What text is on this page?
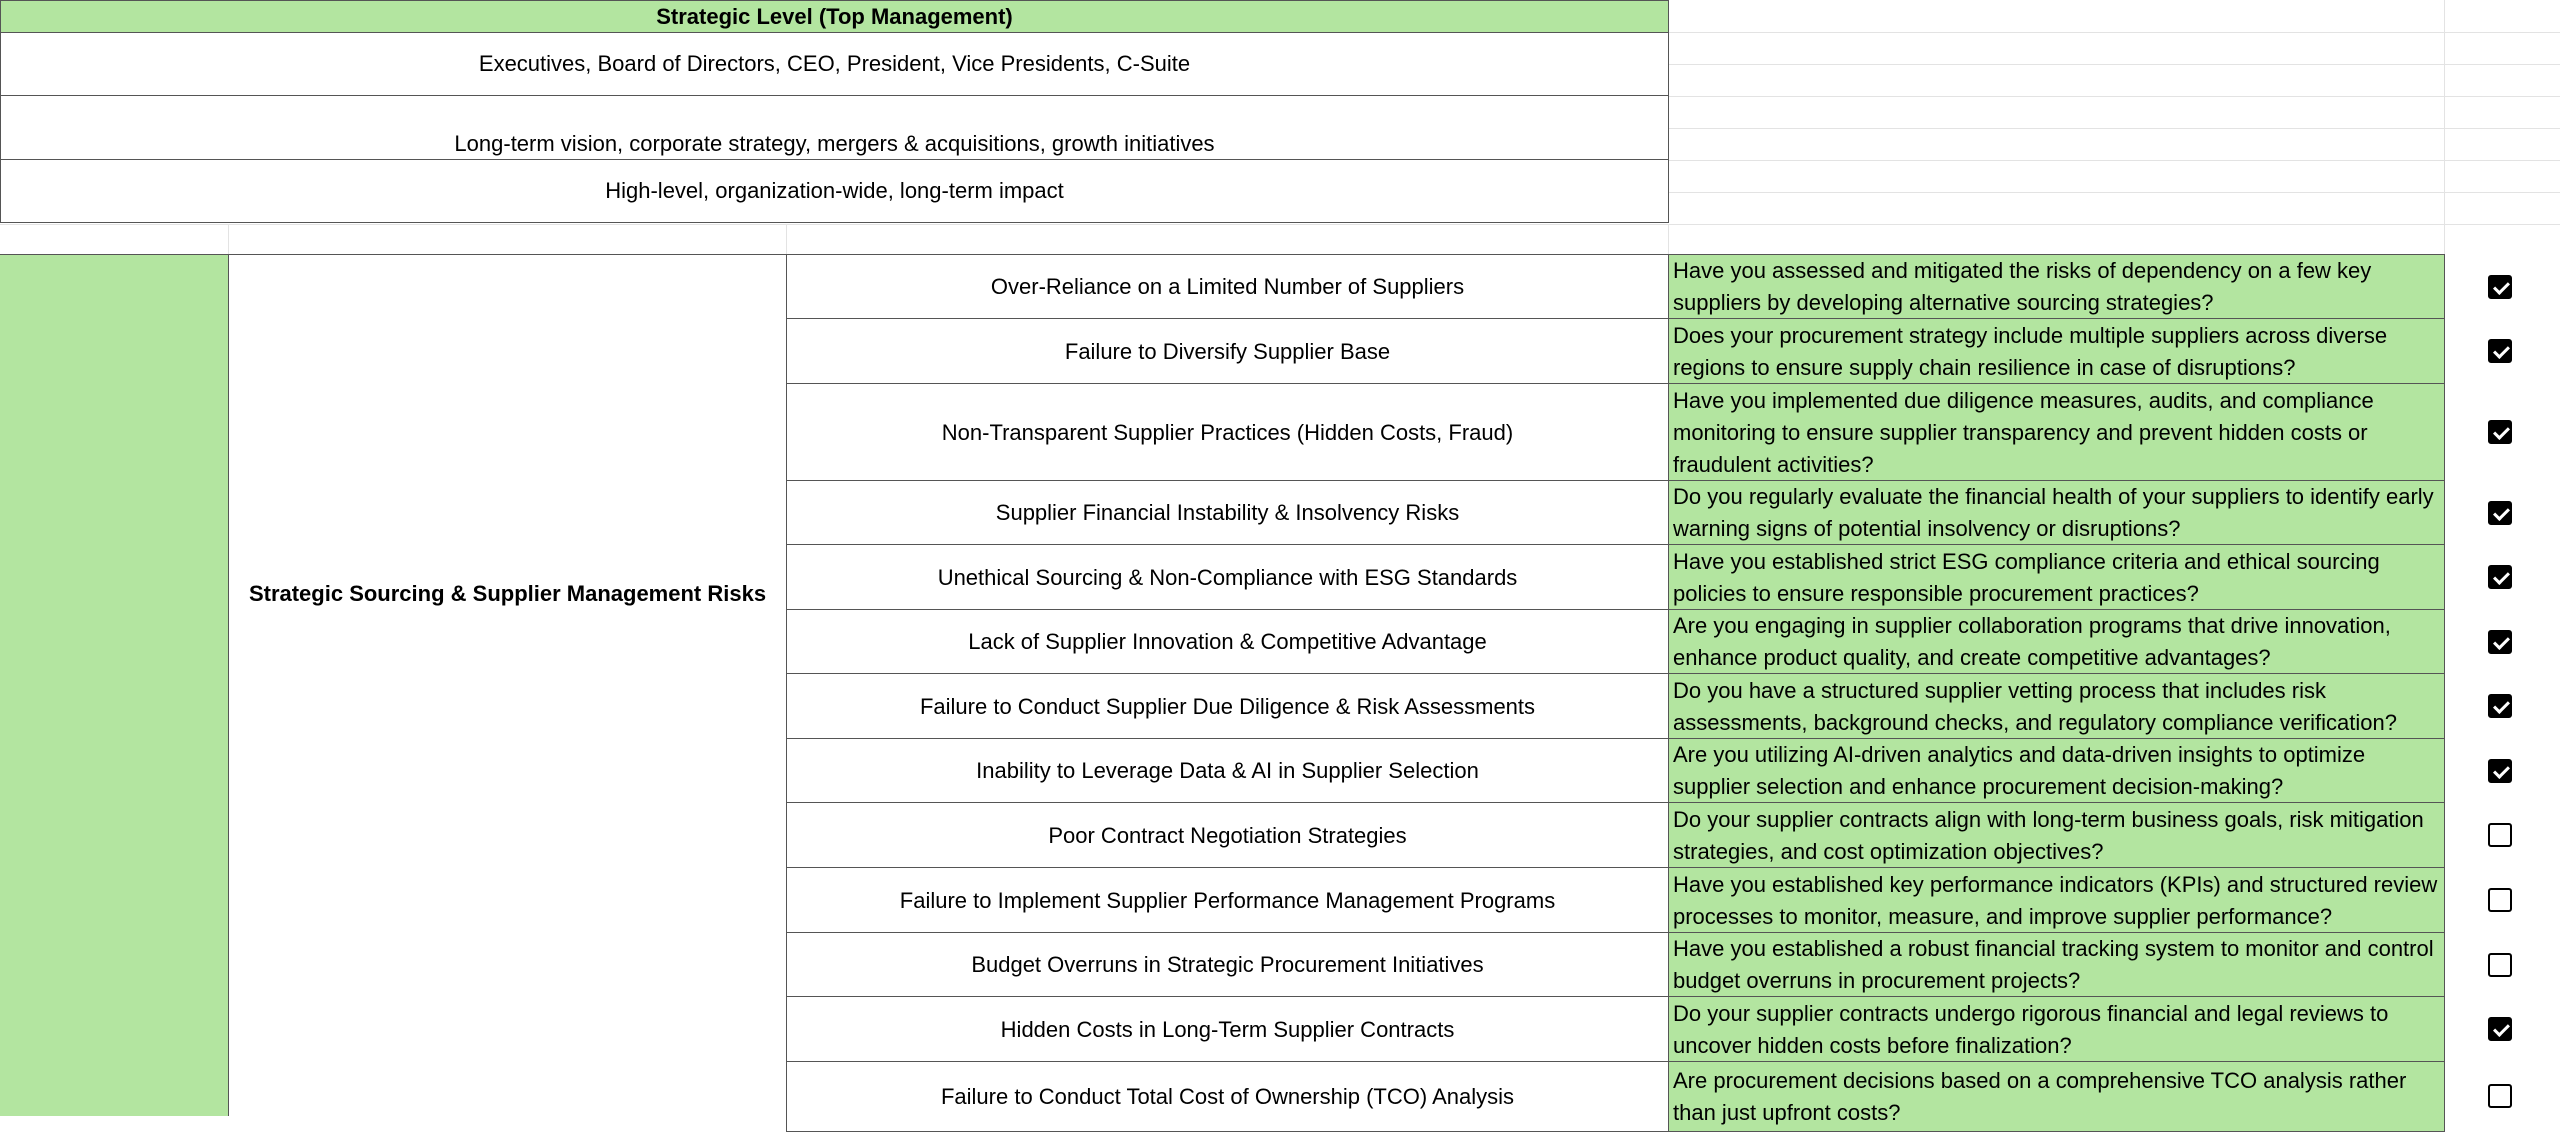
Strategic Level (Top Management)
Executives, Board of Directors, CEO, President, Vice Presidents, C-Suite
Long-term vision, corporate strategy, mergers & acquisitions, growth initiatives
High-level, organization-wide, long-term impact
Strategic Sourcing & Supplier Management Risks
Over-Reliance on a Limited Number of Suppliers
Have you assessed and mitigated the risks of dependency on a few key suppliers by developing alternative sourcing strategies?
Failure to Diversify Supplier Base
Does your procurement strategy include multiple suppliers across diverse regions to ensure supply chain resilience in case of disruptions?
Non-Transparent Supplier Practices (Hidden Costs, Fraud)
Have you implemented due diligence measures, audits, and compliance monitoring to ensure supplier transparency and prevent hidden costs or fraudulent activities?
Supplier Financial Instability & Insolvency Risks
Do you regularly evaluate the financial health of your suppliers to identify early warning signs of potential insolvency or disruptions?
Unethical Sourcing & Non-Compliance with ESG Standards
Have you established strict ESG compliance criteria and ethical sourcing policies to ensure responsible procurement practices?
Lack of Supplier Innovation & Competitive Advantage
Are you engaging in supplier collaboration programs that drive innovation, enhance product quality, and create competitive advantages?
Failure to Conduct Supplier Due Diligence & Risk Assessments
Do you have a structured supplier vetting process that includes risk assessments, background checks, and regulatory compliance verification?
Inability to Leverage Data & AI in Supplier Selection
Are you utilizing AI-driven analytics and data-driven insights to optimize supplier selection and enhance procurement decision-making?
Poor Contract Negotiation Strategies
Do your supplier contracts align with long-term business goals, risk mitigation strategies, and cost optimization objectives?
Failure to Implement Supplier Performance Management Programs
Have you established key performance indicators (KPIs) and structured review processes to monitor, measure, and improve supplier performance?
Budget Overruns in Strategic Procurement Initiatives
Have you established a robust financial tracking system to monitor and control budget overruns in procurement projects?
Hidden Costs in Long-Term Supplier Contracts
Do your supplier contracts undergo rigorous financial and legal reviews to uncover hidden costs before finalization?
Failure to Conduct Total Cost of Ownership (TCO) Analysis
Are procurement decisions based on a comprehensive TCO analysis rather than just upfront costs?
